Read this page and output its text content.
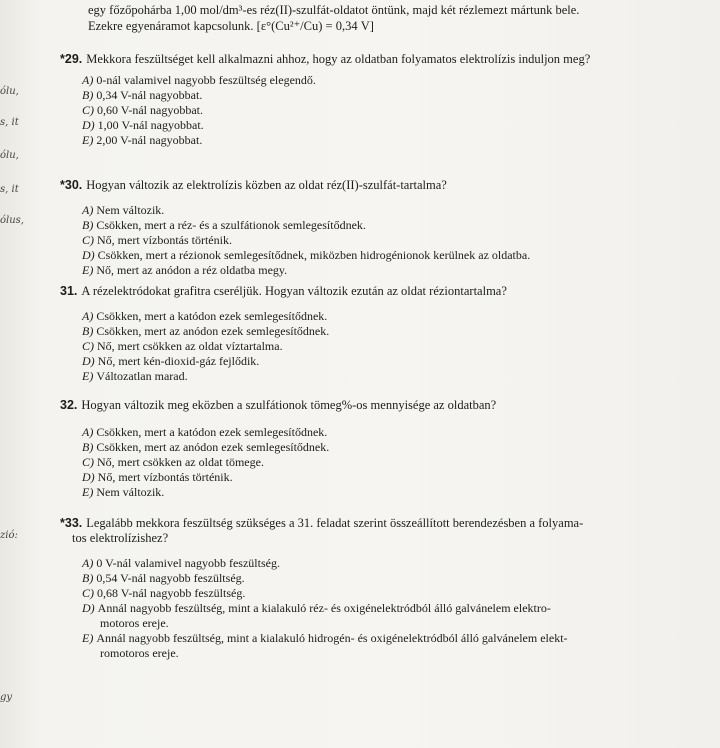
ólu,
s, it
ólu,
s, it
ólus,
zió:
gy
egy főzőpohárba 1,00 mol/dm³-es réz(II)-szulfát-oldatot öntünk, majd két rézlemezt mártunk bele.
Ezekre egyenáramot kapcsolunk. [ε°(Cu²⁺/Cu) = 0,34 V]
*29. Mekkora feszültséget kell alkalmazni ahhoz, hogy az oldatban folyamatos elektrolízis induljon meg?
A) 0-nál valamivel nagyobb feszültség elegendő.
B) 0,34 V-nál nagyobbat.
C) 0,60 V-nál nagyobbat.
D) 1,00 V-nál nagyobbat.
E) 2,00 V-nál nagyobbat.
*30. Hogyan változik az elektrolízis közben az oldat réz(II)-szulfát-tartalma?
A) Nem változik.
B) Csökken, mert a réz- és a szulfátionok semlegesítődnek.
C) Nő, mert vízbontás történik.
D) Csökken, mert a rézionok semlegesítődnek, miközben hidrogénionok kerülnek az oldatba.
E) Nő, mert az anódon a réz oldatba megy.
31. A rézelektródokat grafitra cseréljük. Hogyan változik ezután az oldat réziontartalma?
A) Csökken, mert a katódon ezek semlegesítődnek.
B) Csökken, mert az anódon ezek semlegesítődnek.
C) Nő, mert csökken az oldat víztartalma.
D) Nő, mert kén-dioxid-gáz fejlődik.
E) Változatlan marad.
32. Hogyan változik meg eközben a szulfátionok tömeg%-os mennyisége az oldatban?
A) Csökken, mert a katódon ezek semlegesítődnek.
B) Csökken, mert az anódon ezek semlegesítődnek.
C) Nő, mert csökken az oldat tömege.
D) Nő, mert vízbontás történik.
E) Nem változik.
*33. Legalább mekkora feszültség szükséges a 31. feladat szerint összeállított berendezésben a folyama-
tos elektrolízishez?
A) 0 V-nál valamivel nagyobb feszültség.
B) 0,54 V-nál nagyobb feszültség.
C) 0,68 V-nál nagyobb feszültség.
D) Annál nagyobb feszültség, mint a kialakuló réz- és oxigénelektródból álló galvánelem elektro-
motoros ereje.
E) Annál nagyobb feszültség, mint a kialakuló hidrogén- és oxigénelektródból álló galvánelem elekt-
romotoros ereje.
